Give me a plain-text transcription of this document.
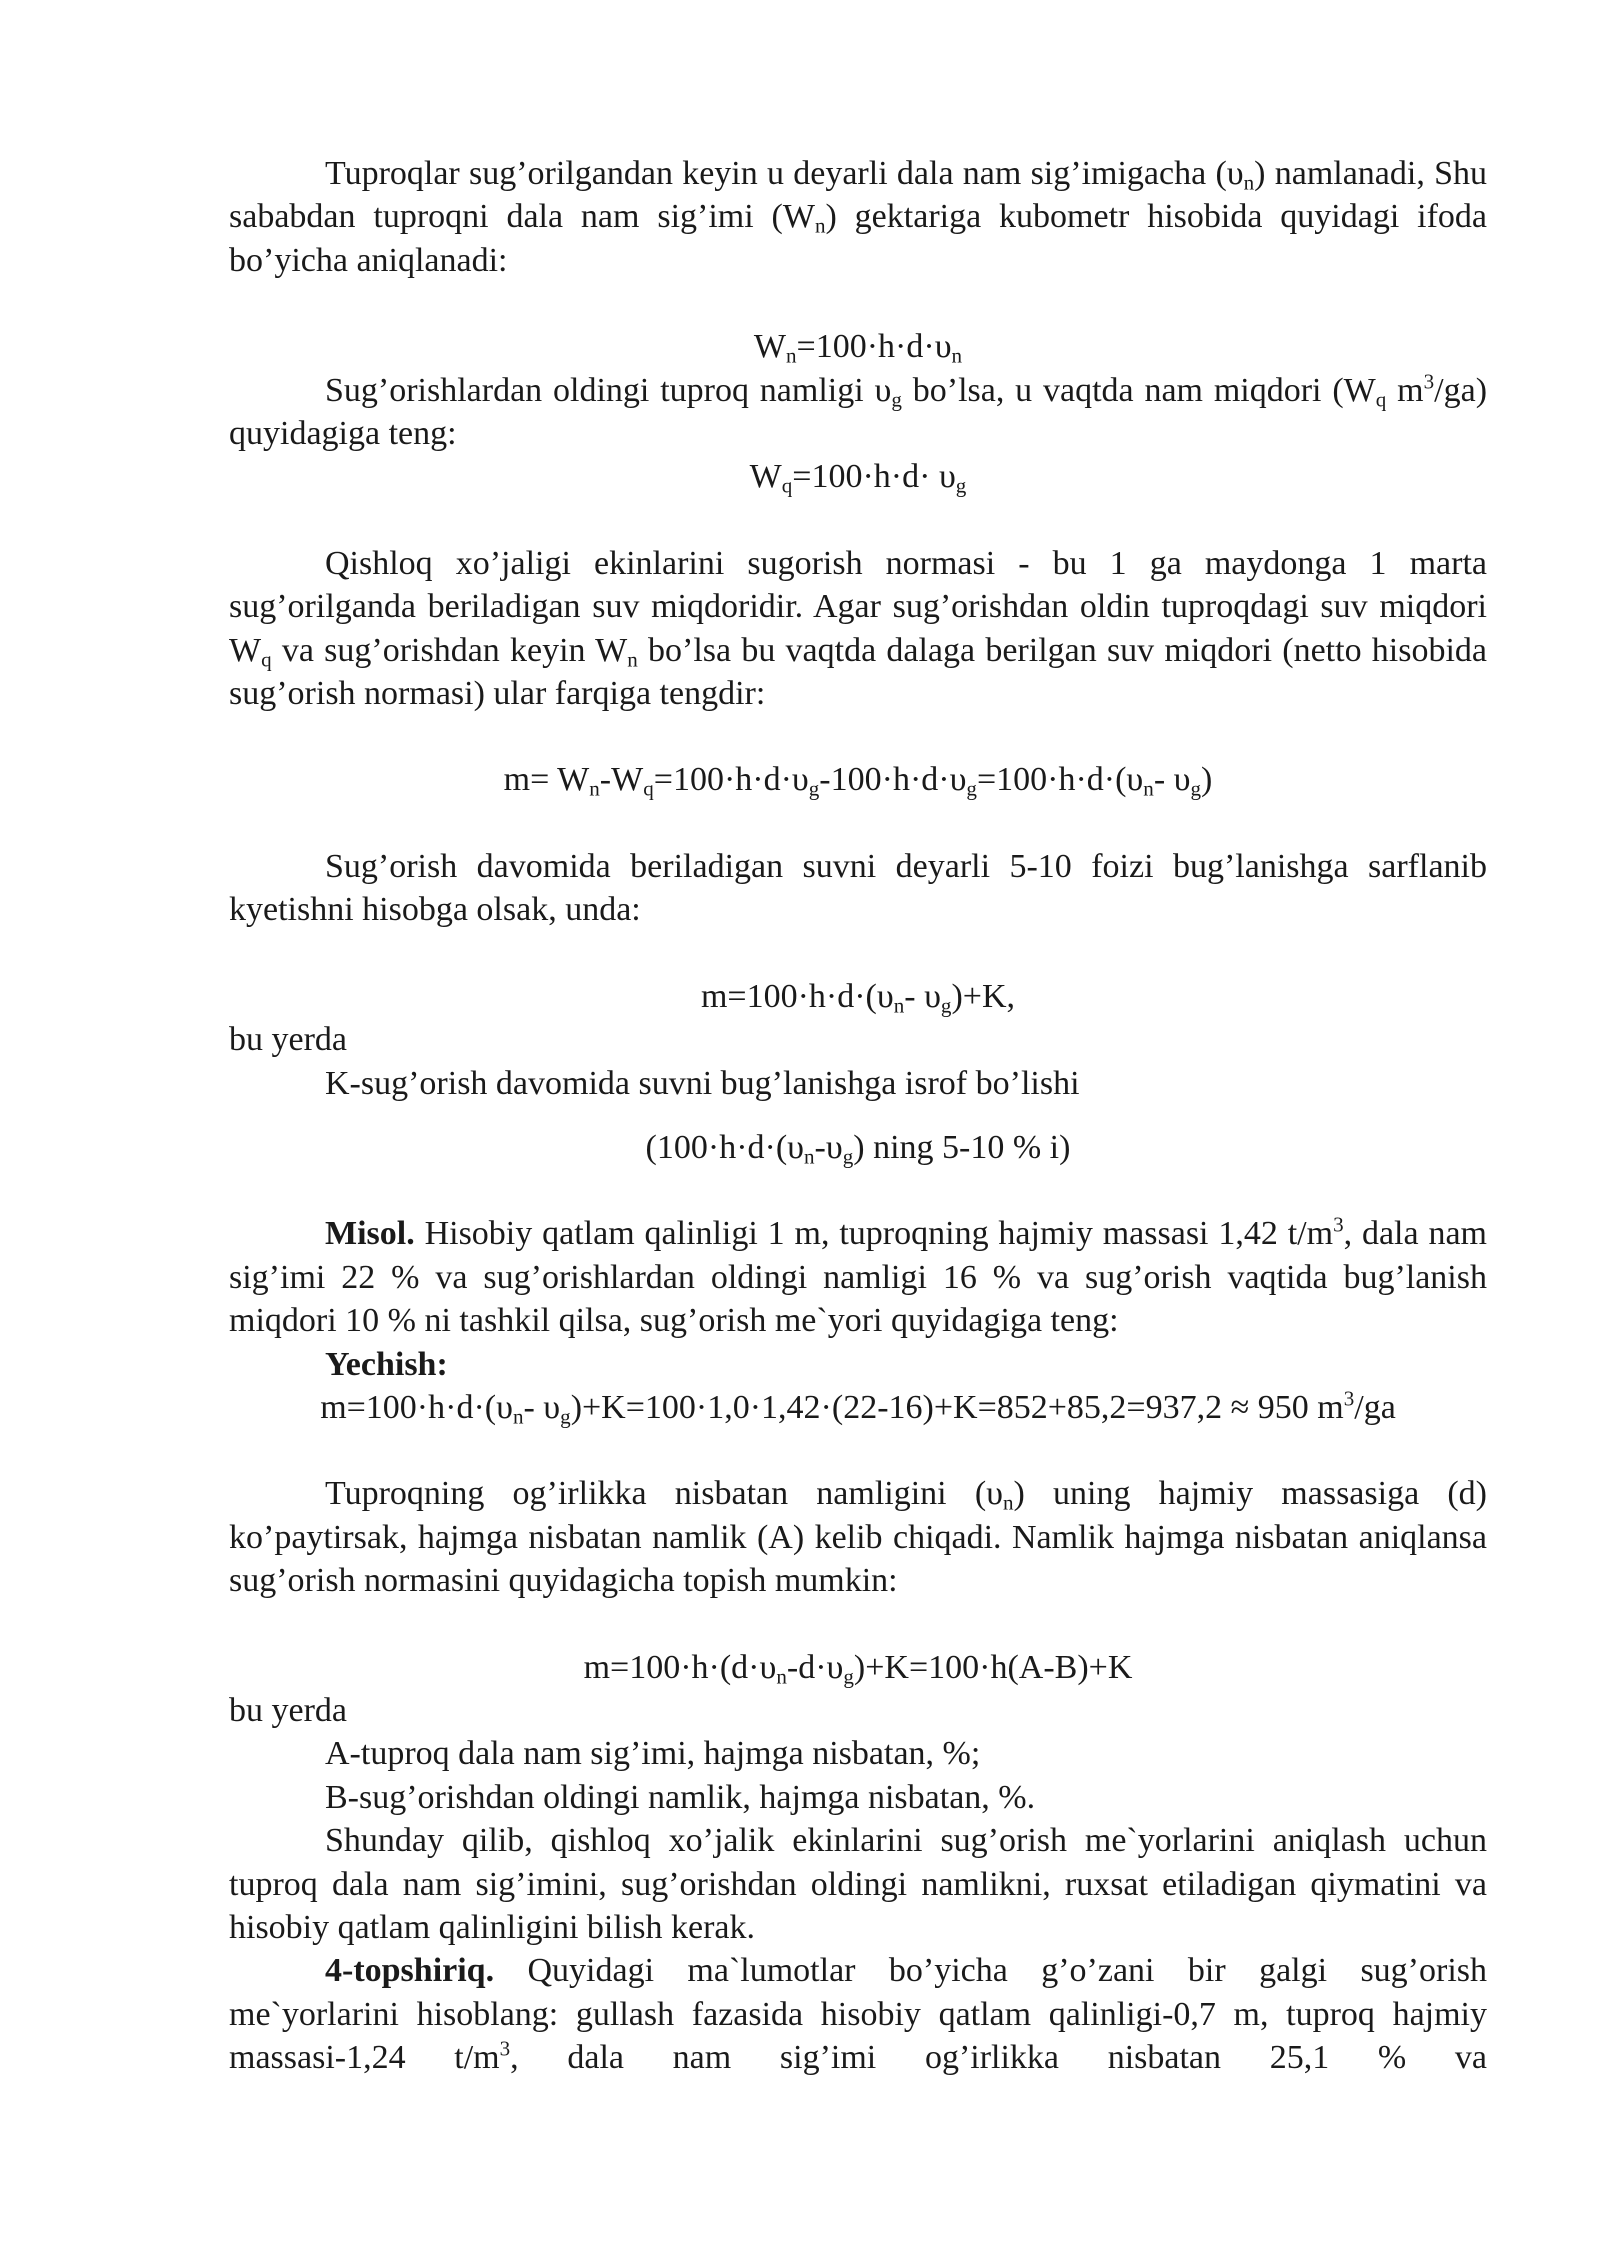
Tuproqlar sug’orilgandan keyin u deyarli dala nam sig’imigacha $(\upsilon_n)$ namlanadi, Shu sababdan tuproqni dala nam sig’imi $(W_n)$ gektariga kubometr hisobida quyidagi ifoda bo’yicha aniqlanadi:

$W_n=100\cdot h\cdot d\cdot\upsilon_n$

Sug’orishlardan oldingi tuproq namligi $\upsilon_g$ bo’lsa, u vaqtda nam miqdori ($W_q$ $m^3/ga$) quyidagiga teng:

$W_q=100\cdot h\cdot d\cdot \upsilon_g$

Qishloq xo’jaligi ekinlarini sugorish normasi - bu 1 ga maydonga 1 marta sug’orilganda beriladigan suv miqdoridir. Agar sug’orishdan oldin tuproqdagi suv miqdori $W_q$ va sug’orishdan keyin $W_n$ bo’lsa bu vaqtda dalaga berilgan suv miqdori (netto hisobida sug’orish normasi) ular farqiga tengdir:

$m= W_n-W_q=100\cdot h\cdot d\cdot\upsilon_g-100\cdot h\cdot d\cdot\upsilon_g=100\cdot h\cdot d\cdot(\upsilon_n-$ $\upsilon_g$)

Sug’orish davomida beriladigan suvni deyarli 5-10 foizi bug’lanishga sarflanib kyetishni hisobga olsak, unda:

$m=100\cdot h\cdot d\cdot(\upsilon_n-$ $\upsilon_g)+K$,

bu yerda

K-sug’orish davomida suvni bug’lanishga isrof bo’lishi

($100\cdot h\cdot d\cdot(\upsilon_n-\upsilon_g)$ ning 5-10 % i)

Misol. Hisobiy qatlam qalinligi 1 m, tuproqning hajmiy massasi 1,42 $t/m^3$, dala nam sig’imi 22 % va sug’orishlardan oldingi namligi 16 % va sug’orish vaqtida bug’lanish miqdori 10 % ni tashkil qilsa, sug’orish me`yori quyidagiga teng:

Yechish:

$m=100\cdot h\cdot d\cdot(\upsilon_n-$ $\upsilon_g)+K=100\cdot 1,0\cdot 1,42\cdot(22-16)+K=852+85,2=937,2 \approx 950$ $m^3/ga$

Tuproqning og’irlikka nisbatan namligini $(\upsilon_n)$ uning hajmiy massasiga (d) ko’paytirsak, hajmga nisbatan namlik (A) kelib chiqadi. Namlik hajmga nisbatan aniqlansa sug’orish normasini quyidagicha topish mumkin:

$m=100\cdot h\cdot(d\cdot\upsilon_n-d\cdot\upsilon_g)+K=100\cdot h(A-B)+K$

bu yerda

A-tuproq dala nam sig’imi, hajmga nisbatan, %;

B-sug’orishdan oldingi namlik, hajmga nisbatan, %.

Shunday qilib, qishloq xo’jalik ekinlarini sug’orish me`yorlarini aniqlash uchun tuproq dala nam sig’imini, sug’orishdan oldingi namlikni, ruxsat etiladigan qiymatini va hisobiy qatlam qalinligini bilish kerak.

4-topshiriq. Quyidagi ma`lumotlar bo’yicha g’o’zani bir galgi sug’orish me`yorlarini hisoblang: gullash fazasida hisobiy qatlam qalinligi-0,7 m, tuproq hajmiy massasi-1,24 $t/m^3$, dala nam sig’imi og’irlikka nisbatan 25,1 % va
